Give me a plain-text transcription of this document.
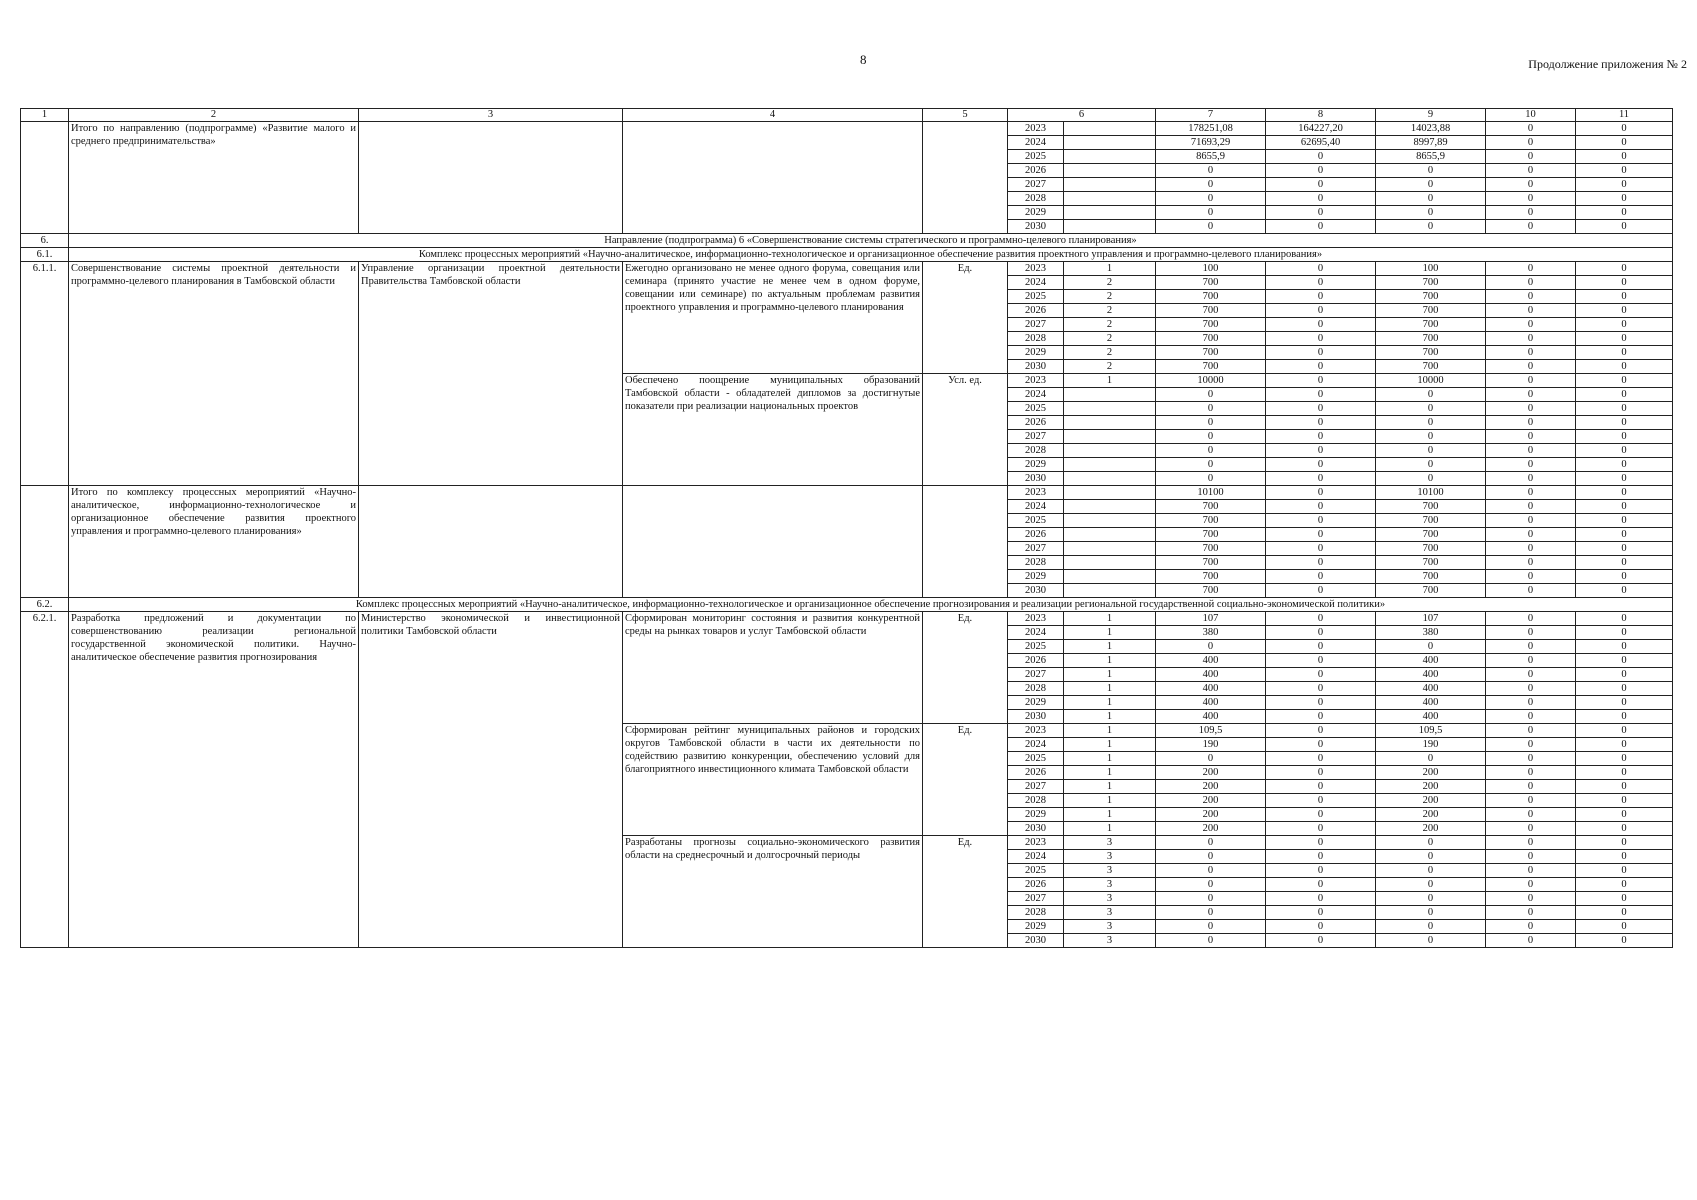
8	Продолжение приложения № 2
1	2	3	4	5	6		7	8	9	10	11
	Итого по направлению (подпрограмме) «Развитие малого и среднего предпринимательства»				2023		178251,08	164227,20	14023,88	0	0
					2024		71693,29	62695,40	8997,89	0	0
					2025		8655,9	0	8655,9	0	0
					2026		0	0	0	0	0
					2027		0	0	0	0	0
					2028		0	0	0	0	0
					2029		0	0	0	0	0
					2030		0	0	0	0	0
6.	Направление (подпрограмма) 6 «Совершенствование системы стратегического и программно-целевого планирования»										
6.1.	Комплекс процессных мероприятий «Научно-аналитическое, информационно-технологическое и организационное обеспечение развития проектного управления и программно-целевого планирования»										
6.1.1.	Совершенствование системы проектной деятельности и программно-целевого планирования в Тамбовской области	Управление организации проектной деятельности Правительства Тамбовской области	Ежегодно организовано не менее одного форума, совещания или семинара (принято участие не менее чем в одном форуме, совещании или семинаре) по актуальным проблемам развития проектного управления и программно-целевого планирования	Ед.	2023	1	100	0	100	0	0
					2024	2	700	0	700	0	0
					2025	2	700	0	700	0	0
					2026	2	700	0	700	0	0
					2027	2	700	0	700	0	0
					2028	2	700	0	700	0	0
					2029	2	700	0	700	0	0
					2030	2	700	0	700	0	0
			Обеспечено поощрение муниципальных образований Тамбовской области - обладателей дипломов за достигнутые показатели при реализации национальных проектов	Усл. ед.	2023	1	10000	0	10000	0	0
					2024		0	0	0	0	0
					2025		0	0	0	0	0
					2026		0	0	0	0	0
					2027		0	0	0	0	0
					2028		0	0	0	0	0
					2029		0	0	0	0	0
					2030		0	0	0	0	0
	Итого по комплексу процессных мероприятий «Научно-аналитическое, информационно-технологическое и организационное обеспечение развития проектного управления и программно-целевого планирования»				2023		10100	0	10100	0	0
					2024		700	0	700	0	0
					2025		700	0	700	0	0
					2026		700	0	700	0	0
					2027		700	0	700	0	0
					2028		700	0	700	0	0
					2029		700	0	700	0	0
					2030		700	0	700	0	0
6.2.	Комплекс процессных мероприятий «Научно-аналитическое, информационно-технологическое и организационное обеспечение прогнозирования и реализации региональной государственной социально-экономической политики»										
6.2.1.	Разработка предложений и документации по совершенствованию реализации региональной государственной экономической политики. Научно-аналитическое обеспечение развития прогнозирования	Министерство экономической и инвестиционной политики Тамбовской области	Сформирован мониторинг состояния и развития конкурентной среды на рынках товаров и услуг Тамбовской области	Ед.	2023	1	107	0	107	0	0
					2024	1	380	0	380	0	0
					2025	1	0	0	0	0	0
					2026	1	400	0	400	0	0
					2027	1	400	0	400	0	0
					2028	1	400	0	400	0	0
					2029	1	400	0	400	0	0
					2030	1	400	0	400	0	0
			Сформирован рейтинг муниципальных районов и городских округов Тамбовской области в части их деятельности по содействию развитию конкуренции, обеспечению условий для благоприятного инвестиционного климата Тамбовской области	Ед.	2023	1	109,5	0	109,5	0	0
					2024	1	190	0	190	0	0
					2025	1	0	0	0	0	0
					2026	1	200	0	200	0	0
					2027	1	200	0	200	0	0
					2028	1	200	0	200	0	0
					2029	1	200	0	200	0	0
					2030	1	200	0	200	0	0
			Разработаны прогнозы социально-экономического развития области на среднесрочный и долгосрочный периоды	Ед.	2023	3	0	0	0	0	0
					2024	3	0	0	0	0	0
					2025	3	0	0	0	0	0
					2026	3	0	0	0	0	0
					2027	3	0	0	0	0	0
					2028	3	0	0	0	0	0
					2029	3	0	0	0	0	0
					2030	3	0	0	0	0	0
